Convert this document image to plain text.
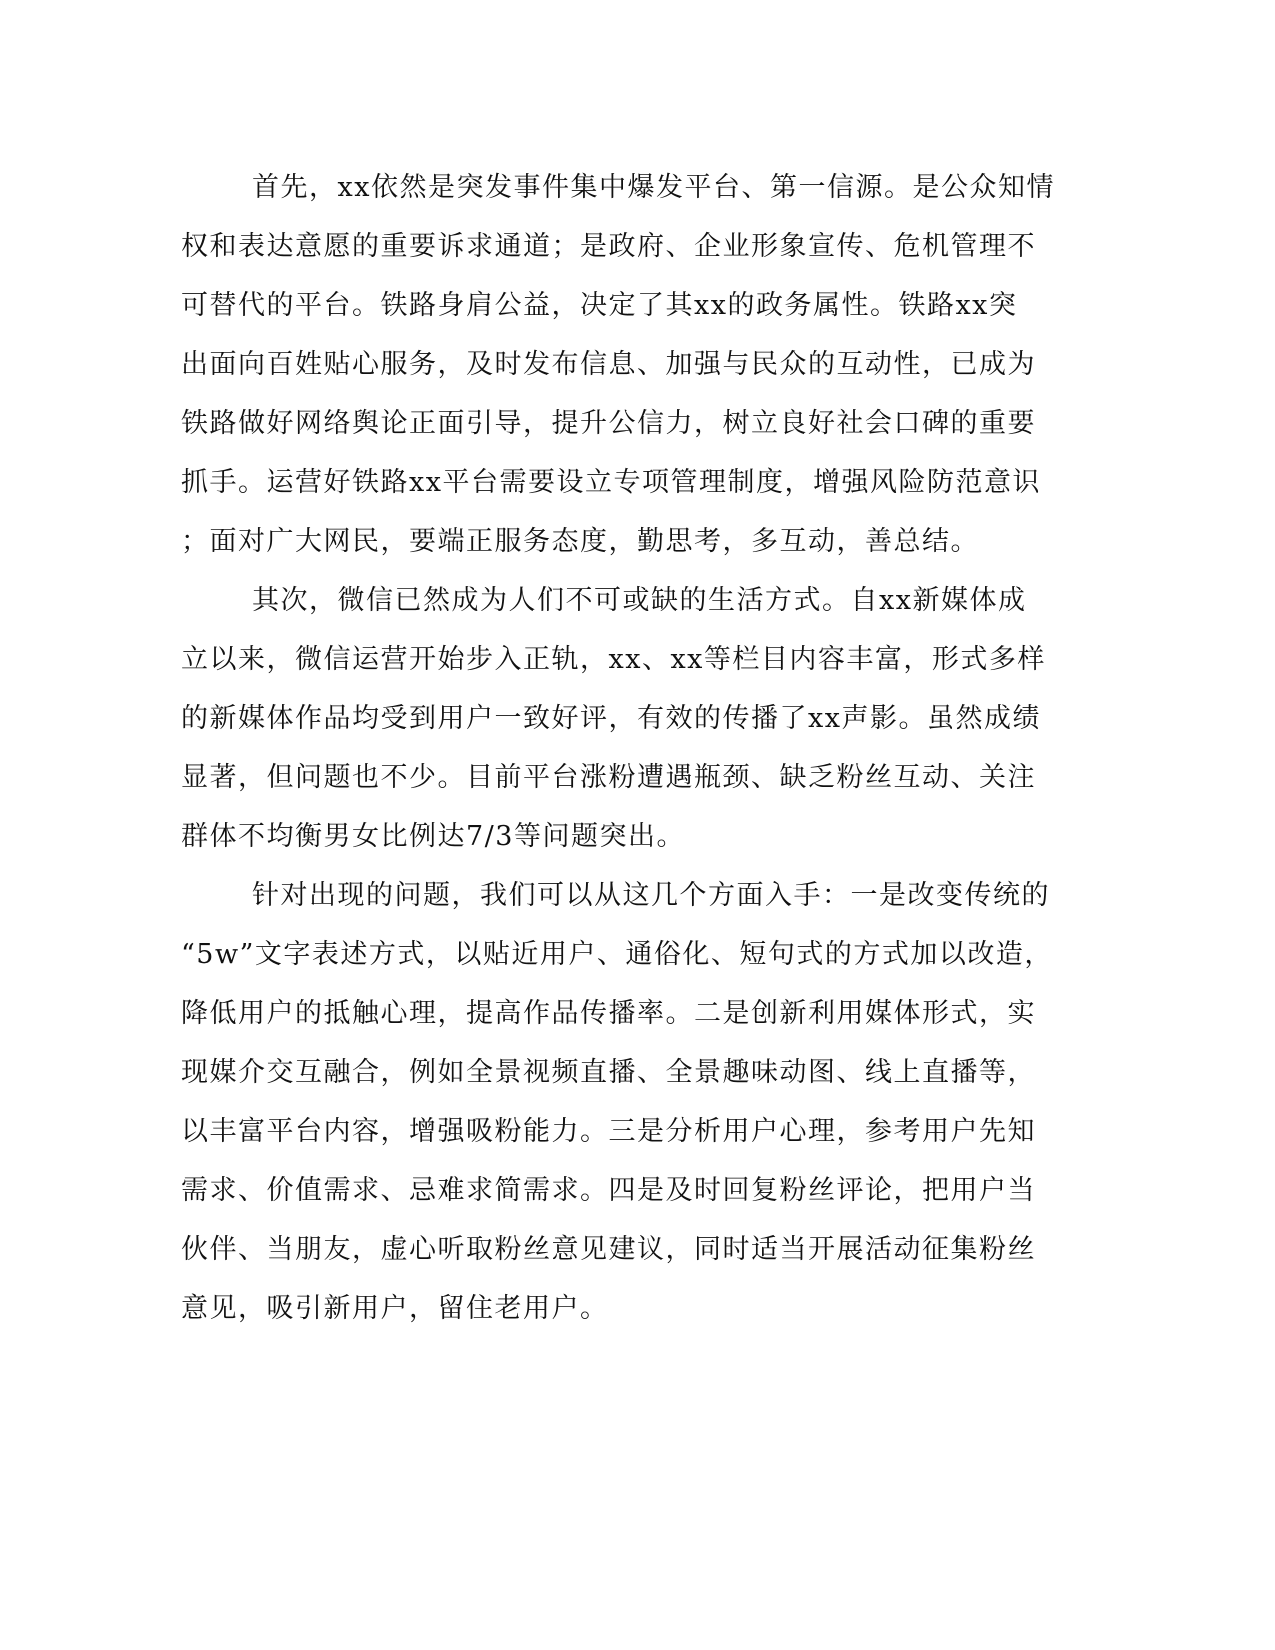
首先，xx依然是突发事件集中爆发平台、第一信源。是公众知情
权和表达意愿的重要诉求通道；是政府、企业形象宣传、危机管理不
可替代的平台。铁路身肩公益，决定了其xx的政务属性。铁路xx突
出面向百姓贴心服务，及时发布信息、加强与民众的互动性，已成为
铁路做好网络舆论正面引导，提升公信力，树立良好社会口碑的重要
抓手。运营好铁路xx平台需要设立专项管理制度，增强风险防范意识
；面对广大网民，要端正服务态度，勤思考，多互动，善总结。
其次，微信已然成为人们不可或缺的生活方式。自xx新媒体成
立以来，微信运营开始步入正轨，xx、xx等栏目内容丰富，形式多样
的新媒体作品均受到用户一致好评，有效的传播了xx声影。虽然成绩
显著，但问题也不少。目前平台涨粉遭遇瓶颈、缺乏粉丝互动、关注
群体不均衡男女比例达7/3等问题突出。
针对出现的问题，我们可以从这几个方面入手：一是改变传统的
“5w”文字表述方式，以贴近用户、通俗化、短句式的方式加以改造，
降低用户的抵触心理，提高作品传播率。二是创新利用媒体形式，实
现媒介交互融合，例如全景视频直播、全景趣味动图、线上直播等，
以丰富平台内容，增强吸粉能力。三是分析用户心理，参考用户先知
需求、价值需求、忌难求简需求。四是及时回复粉丝评论，把用户当
伙伴、当朋友，虚心听取粉丝意见建议，同时适当开展活动征集粉丝
意见，吸引新用户，留住老用户。
